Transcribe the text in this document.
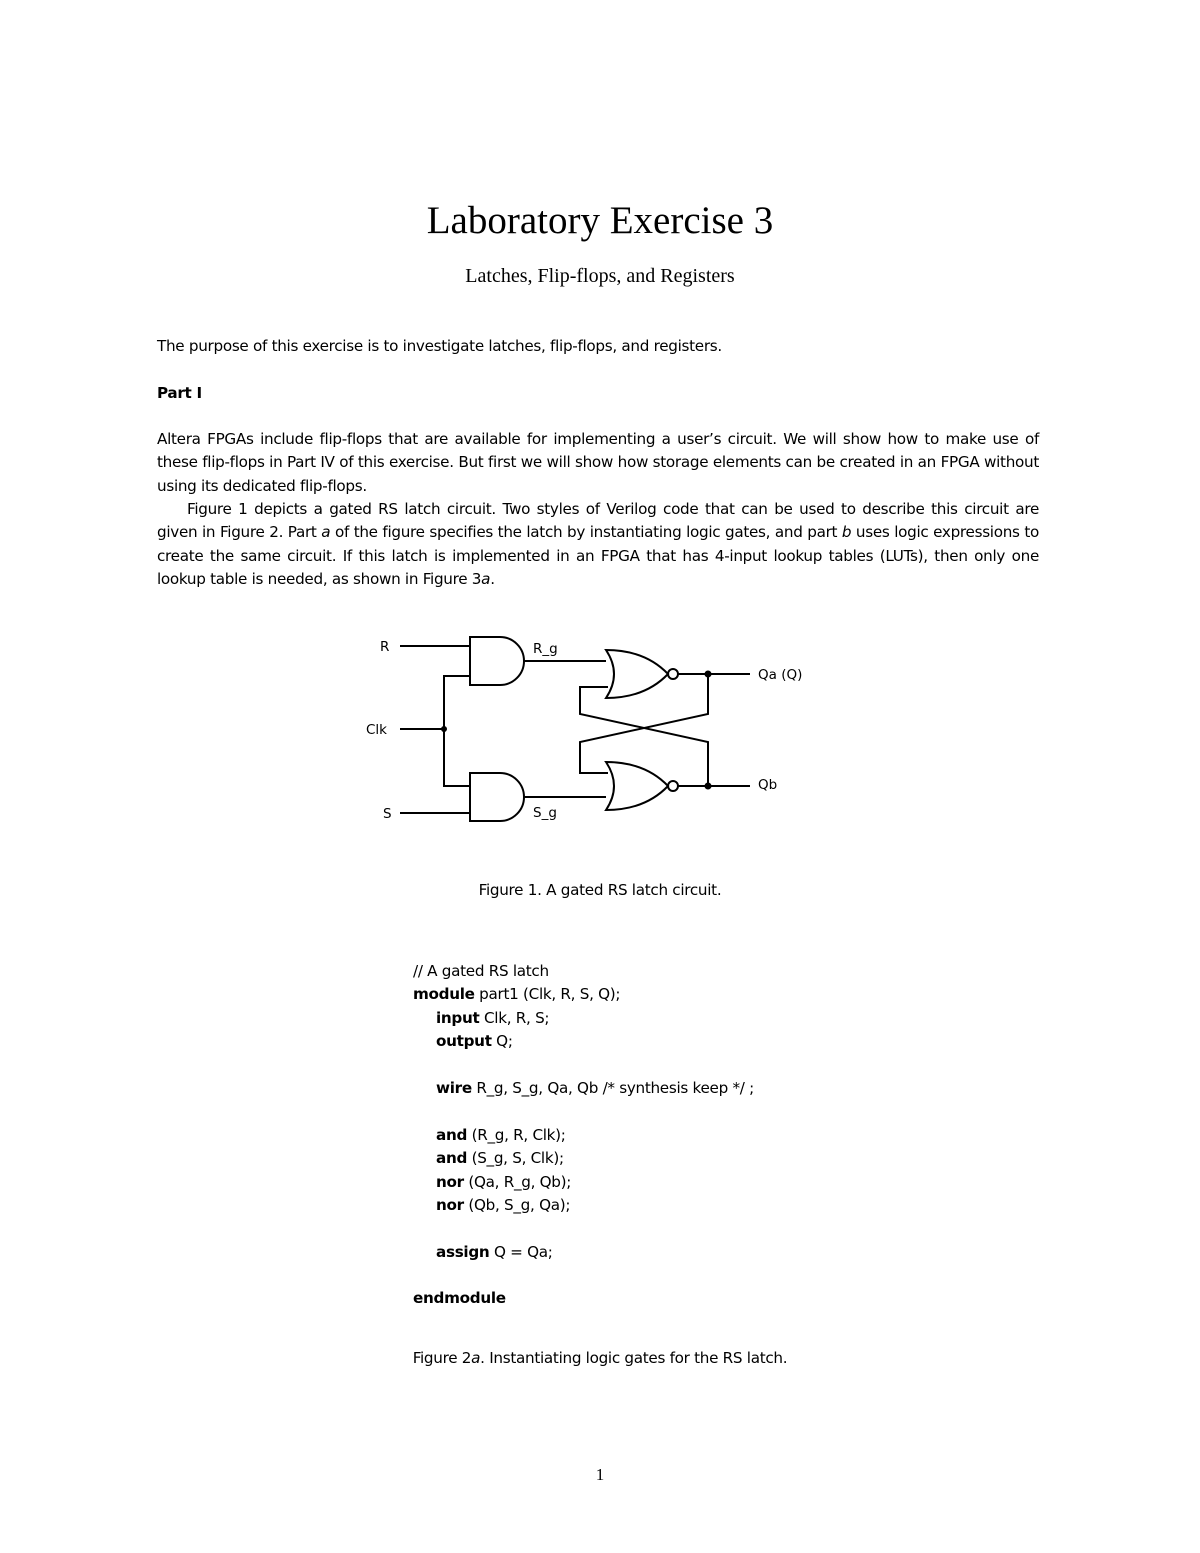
Laboratory Exercise 3
Latches, Flip-flops, and Registers

The purpose of this exercise is to investigate latches, flip-flops, and registers.

Part I

Altera FPGAs include flip-flops that are available for implementing a user’s circuit. We will show how to make use of these flip-flops in Part IV of this exercise. But first we will show how storage elements can be created in an FPGA without using its dedicated flip-flops.

Figure 1 depicts a gated RS latch circuit. Two styles of Verilog code that can be used to describe this circuit are given in Figure 2. Part a of the figure specifies the latch by instantiating logic gates, and part b uses logic expressions to create the same circuit. If this latch is implemented in an FPGA that has 4-input lookup tables (LUTs), then only one lookup table is needed, as shown in Figure 3a.

R
Clk
S
R_g
S_g
Qa (Q)
Qb
Figure 1. A gated RS latch circuit.
// A gated RS latch
module part1 (Clk, R, S, Q);
input Clk, R, S;
output Q;
wire R_g, S_g, Qa, Qb /* synthesis keep */ ;
and (R_g, R, Clk);
and (S_g, S, Clk);
nor (Qa, R_g, Qb);
nor (Qb, S_g, Qa);
assign Q = Qa;
endmodule
Figure 2a. Instantiating logic gates for the RS latch.
1
